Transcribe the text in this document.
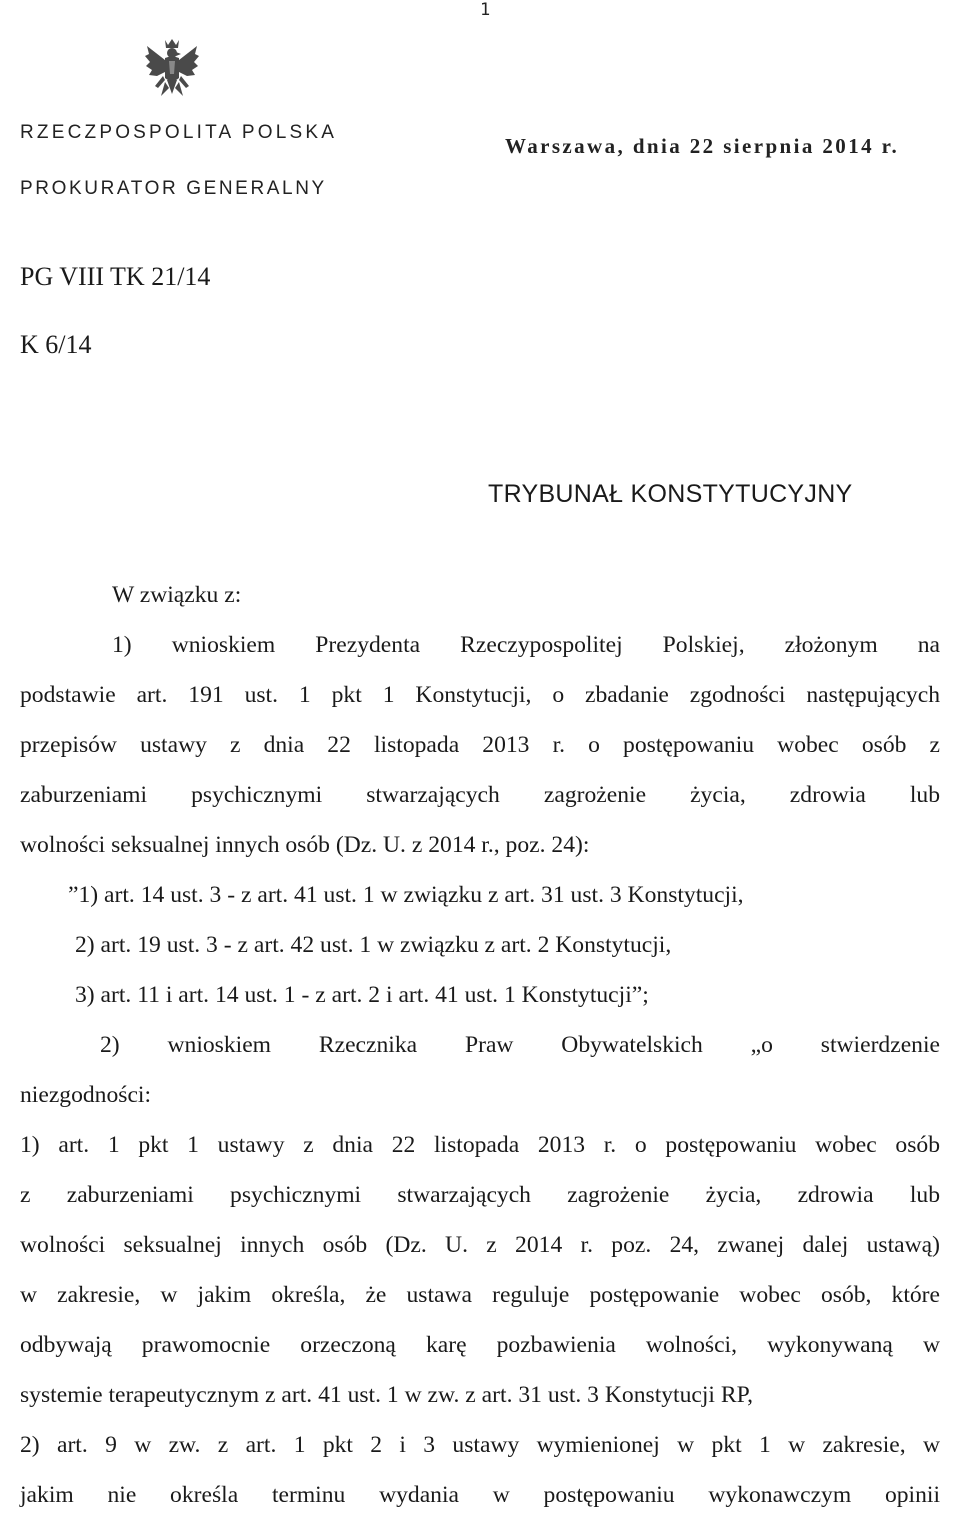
1
RZECZPOSPOLITA POLSKA
PROKURATOR GENERALNY
Warszawa, dnia 22 sierpnia 2014 r.
PG VIII TK 21/14
K 6/14
TRYBUNAŁ KONSTYTUCYJNY
W związku z:
1) wnioskiem Prezydenta Rzeczypospolitej Polskiej, złożonym na
podstawie art. 191 ust. 1 pkt 1 Konstytucji, o zbadanie zgodności następujących
przepisów ustawy z dnia 22 listopada 2013 r. o postępowaniu wobec osób z
zaburzeniami psychicznymi stwarzających zagrożenie życia, zdrowia lub
wolności seksualnej innych osób (Dz. U. z 2014 r., poz. 24):
”1) art. 14 ust. 3 - z art. 41 ust. 1 w związku z art. 31 ust. 3 Konstytucji,
2) art. 19 ust. 3 - z art. 42 ust. 1 w związku z art. 2 Konstytucji,
3) art. 11 i art. 14 ust. 1 - z art. 2 i art. 41 ust. 1 Konstytucji”;
2) wnioskiem Rzecznika Praw Obywatelskich „o stwierdzenie
niezgodności:
1) art. 1 pkt 1 ustawy z dnia 22 listopada 2013 r. o postępowaniu wobec osób
z zaburzeniami psychicznymi stwarzających zagrożenie życia, zdrowia lub
wolności seksualnej innych osób (Dz. U. z 2014 r. poz. 24, zwanej dalej ustawą)
w zakresie, w jakim określa, że ustawa reguluje postępowanie wobec osób, które
odbywają prawomocnie orzeczoną karę pozbawienia wolności, wykonywaną w
systemie terapeutycznym z art. 41 ust. 1 w zw. z art. 31 ust. 3 Konstytucji RP,
2) art. 9 w zw. z art. 1 pkt 2 i 3 ustawy wymienionej w pkt 1 w zakresie, w
jakim nie określa terminu wydania w postępowaniu wykonawczym opinii
